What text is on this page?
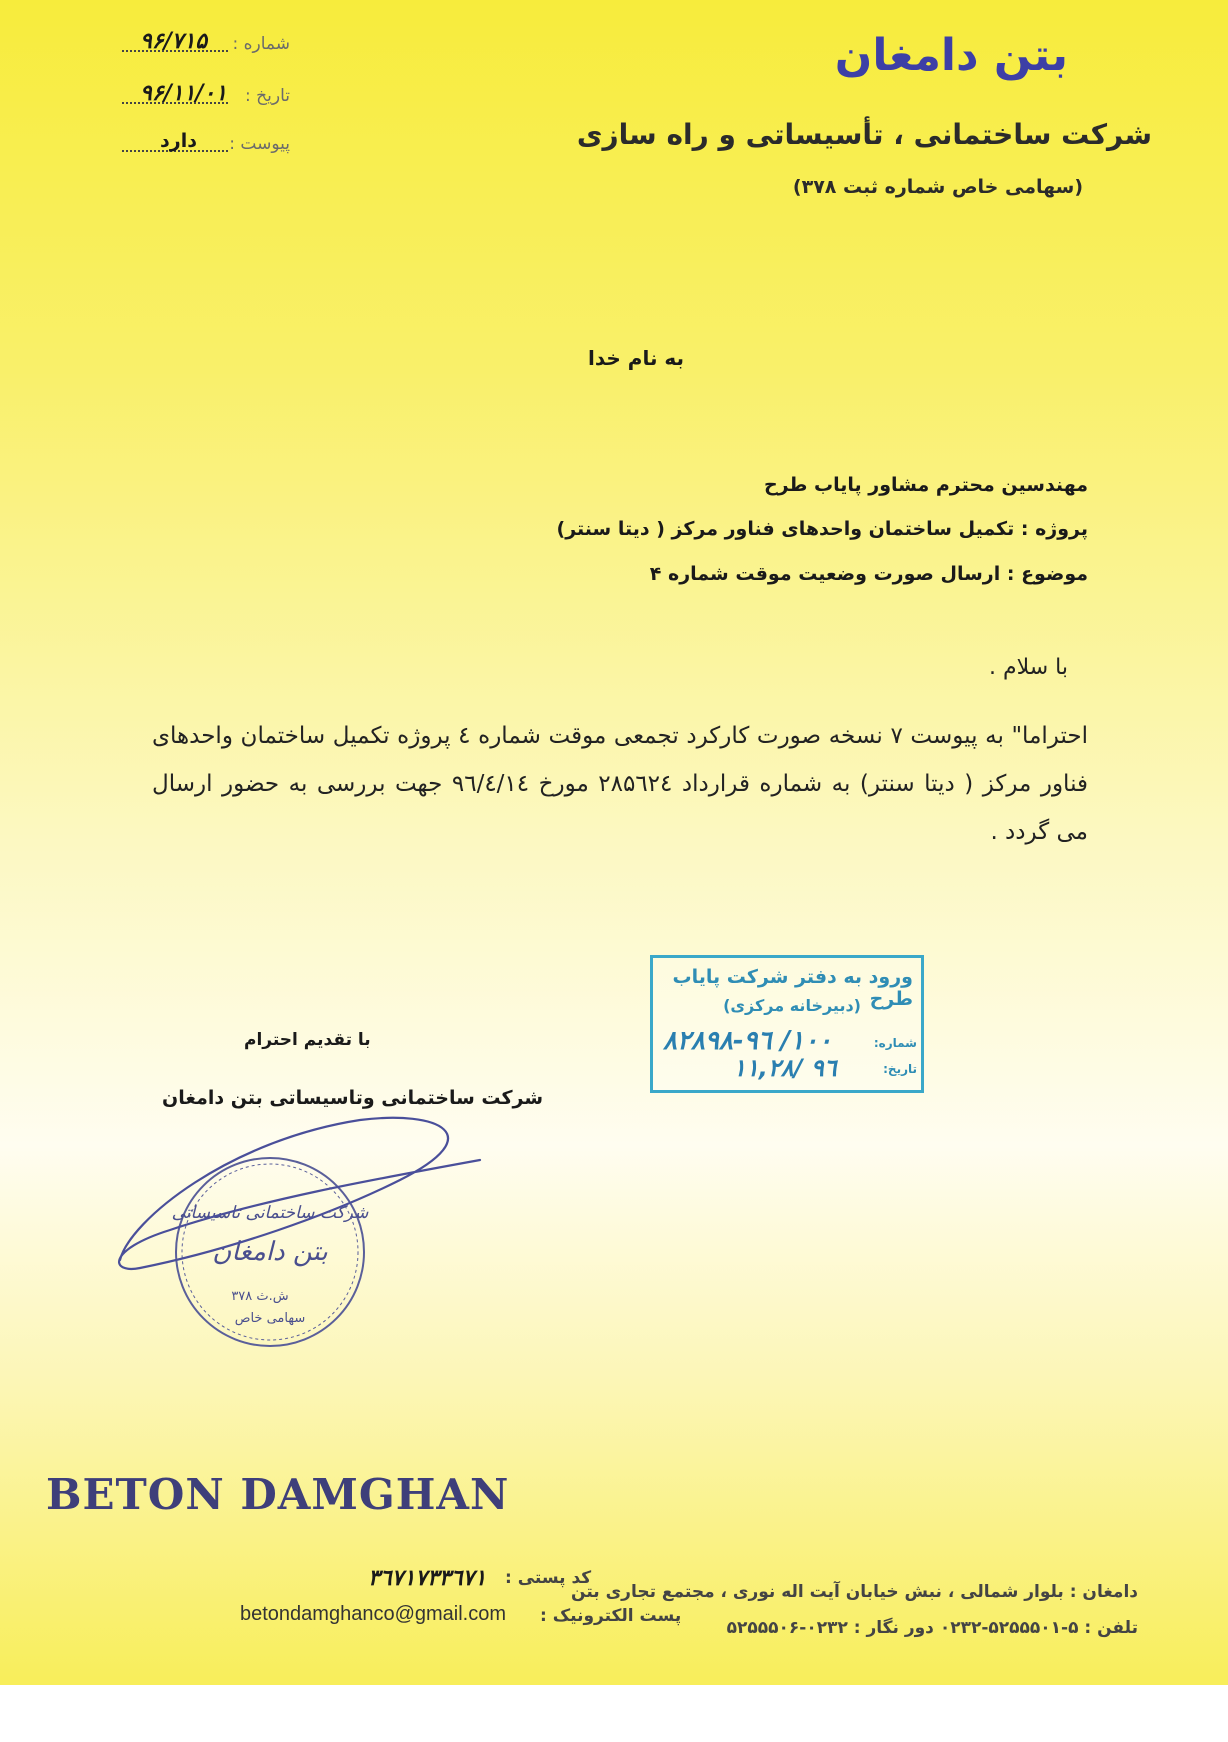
شماره :
۹۶/۷۱۵
تاریخ :
۹۶/۱۱/۰۱
پیوست :
دارد
بتن دامغان
شرکت ساختمانی ، تأسیساتی و راه سازی
(سهامی خاص شماره ثبت ۳۷۸)
به نام خدا
مهندسین محترم مشاور پایاب طرح
پروژه : تکمیل ساختمان واحدهای فناور مرکز ( دیتا سنتر)
موضوع : ارسال صورت وضعیت موقت شماره ۴
با سلام .
احتراما" به پیوست ۷ نسخه صورت کارکرد تجمعی موقت شماره ٤ پروژه تکمیل ساختمان واحدهای فناور مرکز ( دیتا سنتر) به شماره قرارداد ۲۸۵٦۲٤ مورخ ۹٦/٤/١٤ جهت بررسی به حضور ارسال می گردد .
ورود به دفتر شرکت پایاب طرح
(دبیرخانه مرکزی)
شماره:
۱۰۰/ ۹٦-۸۲۸۹۸
تاریخ:
۹٦ /۱۱,۲۸
با تقدیم احترام
شرکت ساختمانی وتاسیساتی بتن دامغان
شرکت ساختمانی تاسیساتی
بتن دامغان
ش.ث ۳۷۸
سهامی خاص
BETON DAMGHAN
دامغان : بلوار شمالی ، نبش خیابان آیت اله نوری ، مجتمع تجاری بتن
کد پستی :
۳٦۷۱۷۳۳٦۷۱
تلفن : ۵-۵۲۵۵۵۰۱-۰۲۳۲ دور نگار : ۰۲۳۲-۵۲۵۵۵۰۶
پست الکترونیک :
betondamghanco@gmail.com
